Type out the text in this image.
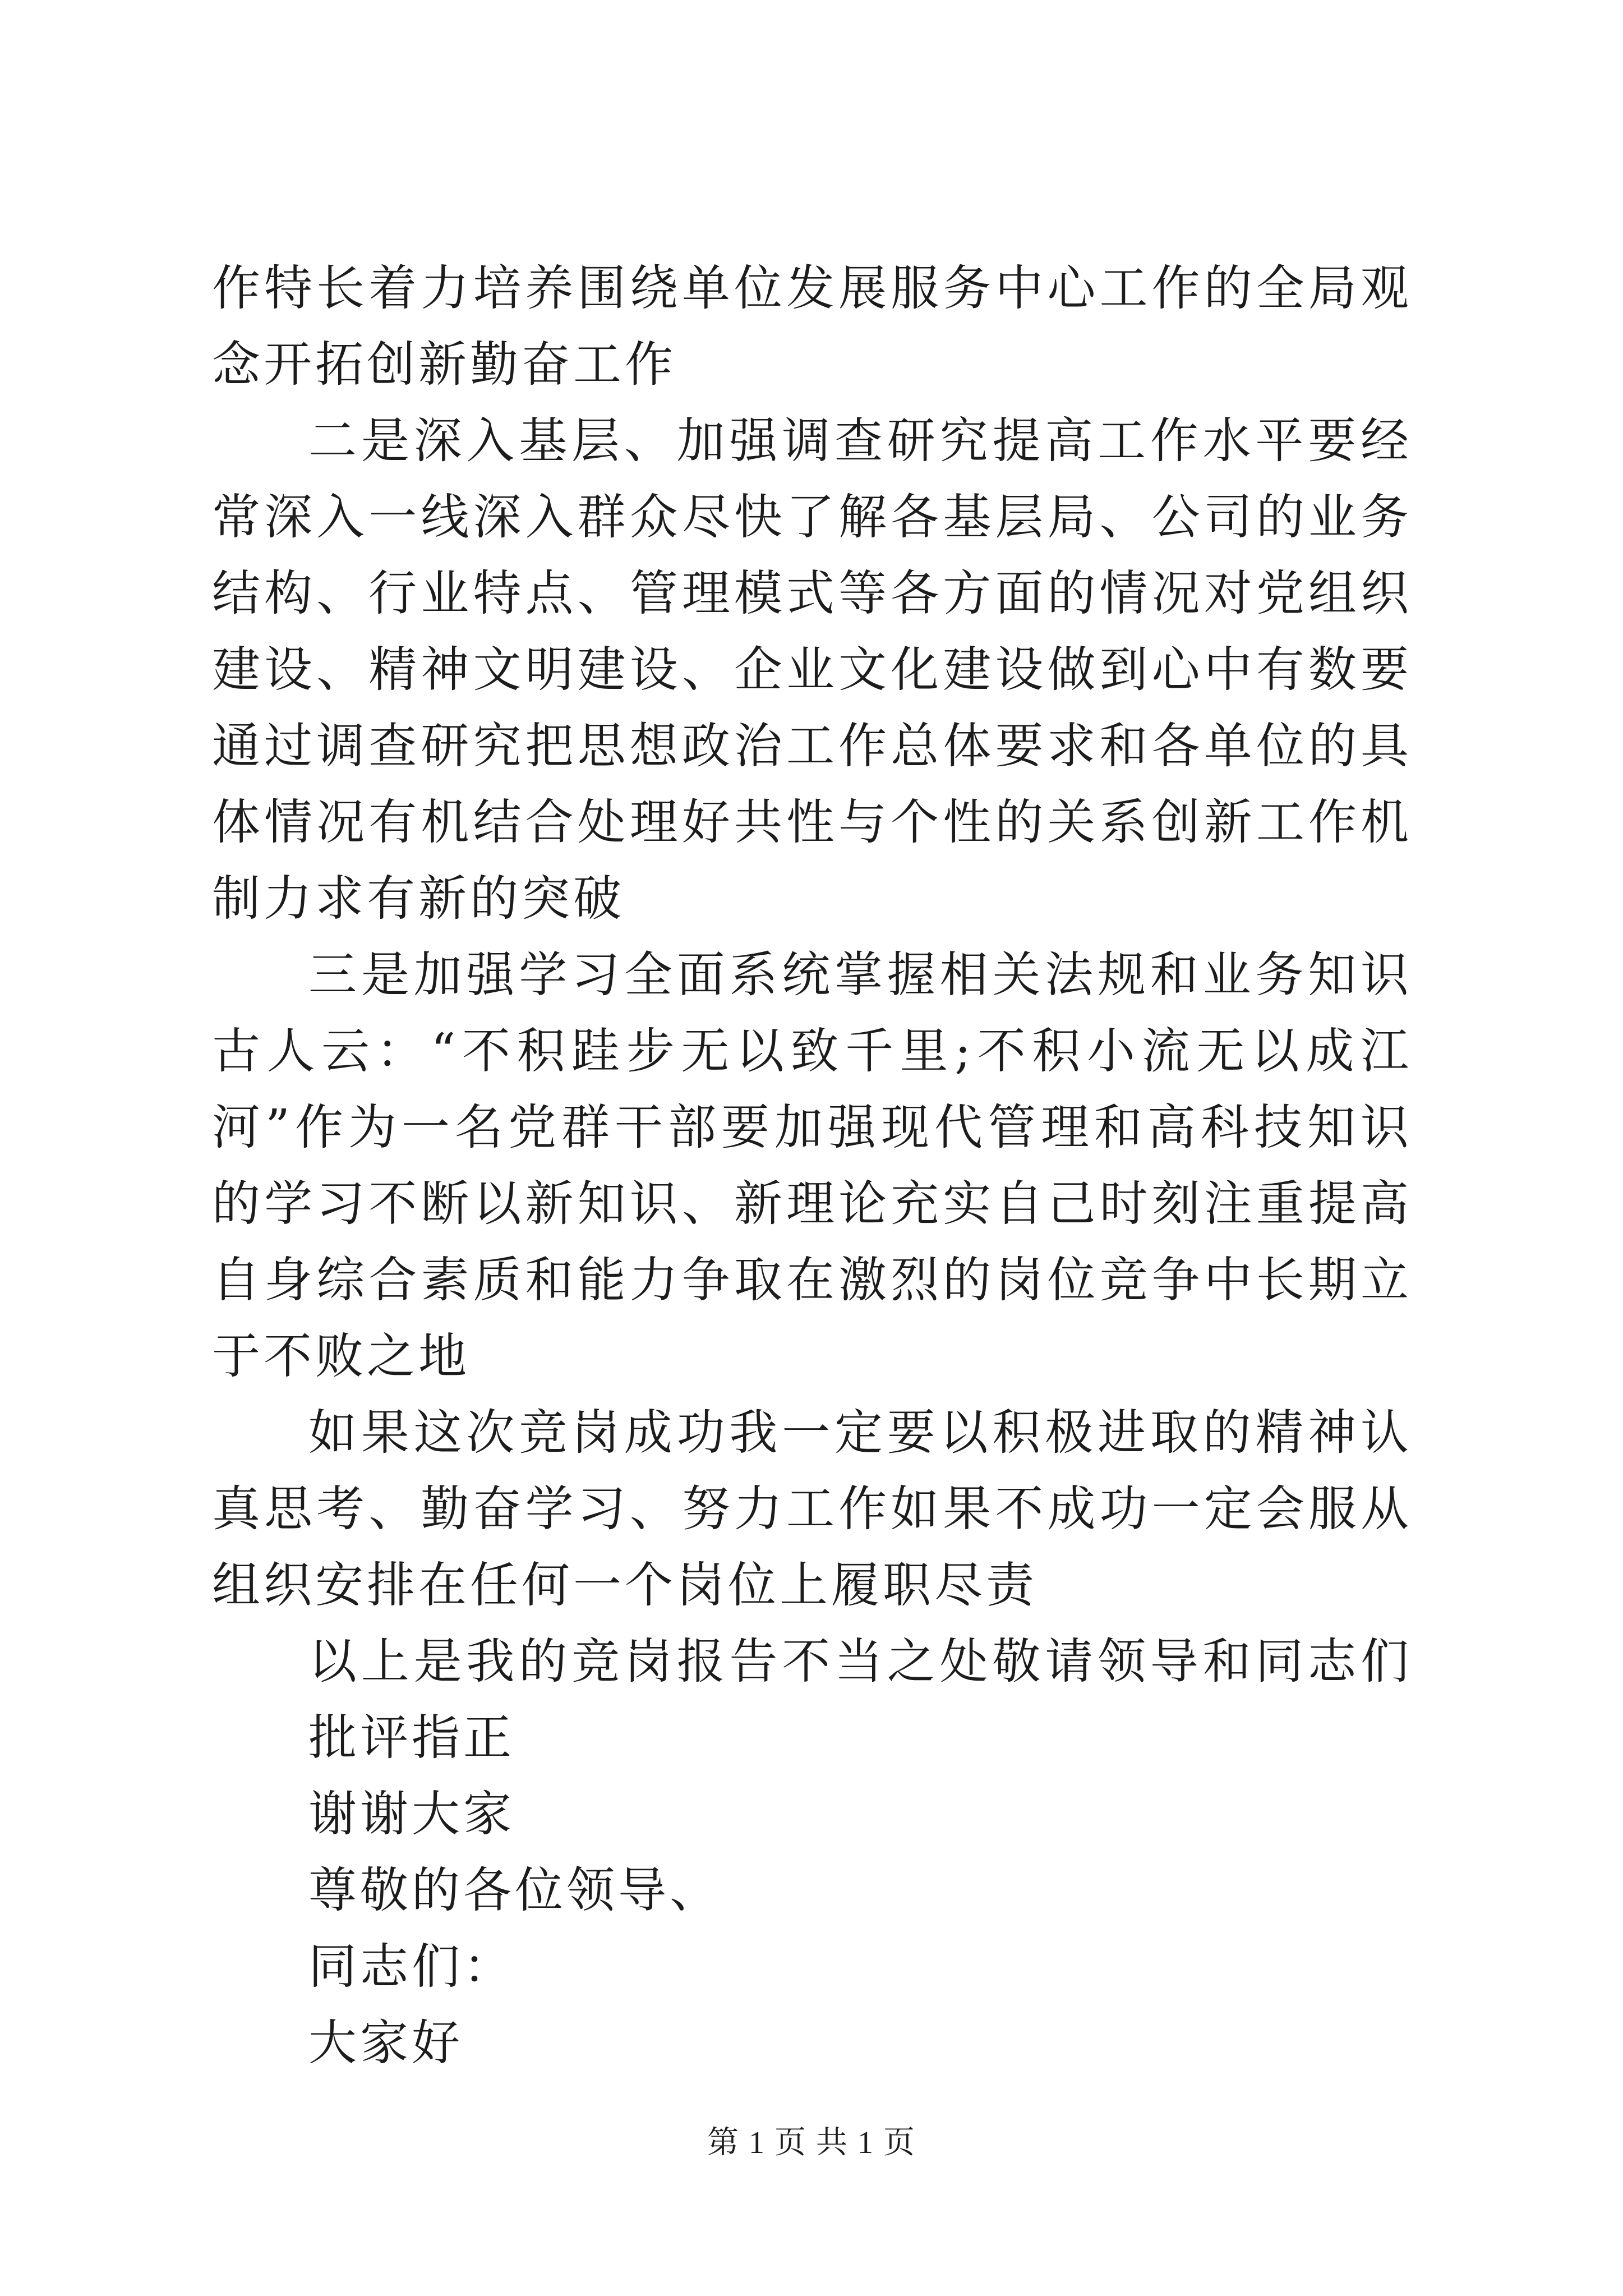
作特长着力培养围绕单位发展服务中心工作的全局观念开拓创新勤奋工作

二是深入基层、加强调查研究提高工作水平要经常深入一线深入群众尽快了解各基层局、公司的业务结构、行业特点、管理模式等各方面的情况对党组织建设、精神文明建设、企业文化建设做到心中有数要通过调查研究把思想政治工作总体要求和各单位的具体情况有机结合处理好共性与个性的关系创新工作机制力求有新的突破

三是加强学习全面系统掌握相关法规和业务知识古人云：“不积跬步无以致千里;不积小流无以成江河”作为一名党群干部要加强现代管理和高科技知识的学习不断以新知识、新理论充实自己时刻注重提高自身综合素质和能力争取在激烈的岗位竞争中长期立于不败之地

如果这次竞岗成功我一定要以积极进取的精神认真思考、勤奋学习、努力工作如果不成功一定会服从组织安排在任何一个岗位上履职尽责

以上是我的竞岗报告不当之处敬请领导和同志们批评指正

谢谢大家

尊敬的各位领导、

同志们：

大家好

第 1 页 共 1 页
